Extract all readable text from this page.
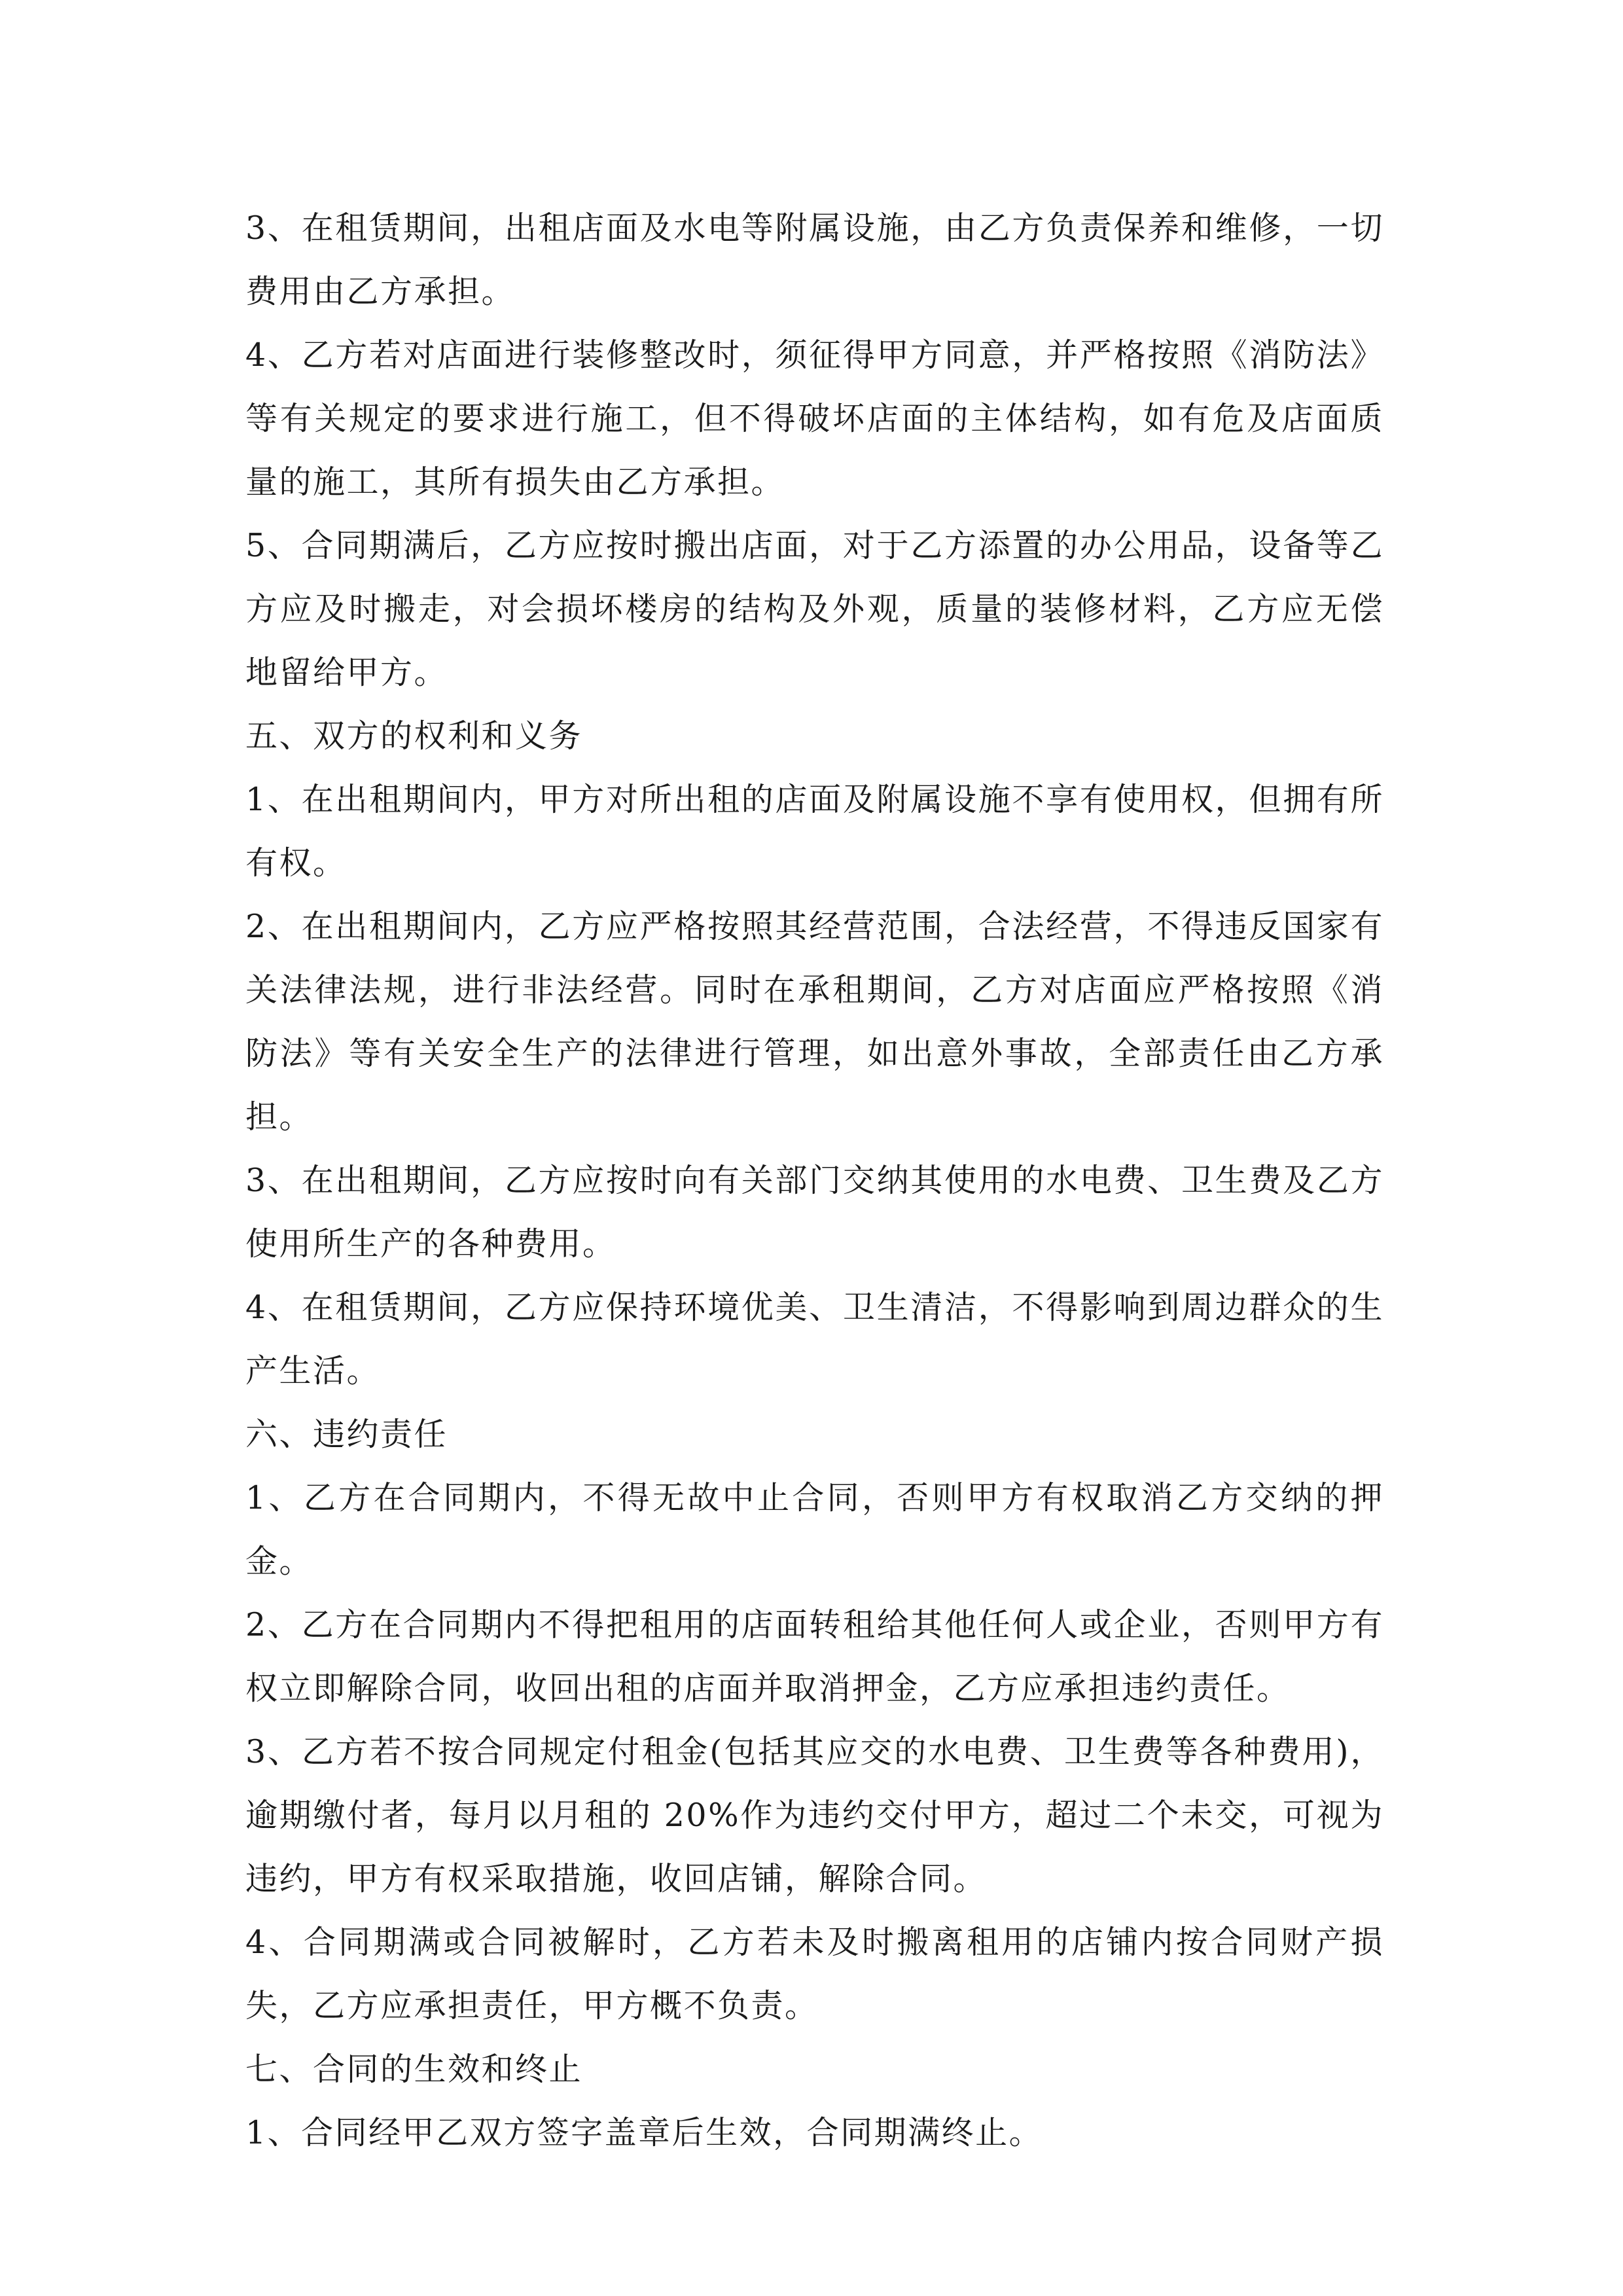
3、在租赁期间，出租店面及水电等附属设施，由乙方负责保养和维修，一切费用由乙方承担。

4、乙方若对店面进行装修整改时，须征得甲方同意，并严格按照《消防法》等有关规定的要求进行施工，但不得破坏店面的主体结构，如有危及店面质量的施工，其所有损失由乙方承担。

5、合同期满后，乙方应按时搬出店面，对于乙方添置的办公用品，设备等乙方应及时搬走，对会损坏楼房的结构及外观，质量的装修材料，乙方应无偿地留给甲方。

五、双方的权利和义务

1、在出租期间内，甲方对所出租的店面及附属设施不享有使用权，但拥有所有权。

2、在出租期间内，乙方应严格按照其经营范围，合法经营，不得违反国家有关法律法规，进行非法经营。同时在承租期间，乙方对店面应严格按照《消防法》等有关安全生产的法律进行管理，如出意外事故，全部责任由乙方承担。

3、在出租期间，乙方应按时向有关部门交纳其使用的水电费、卫生费及乙方使用所生产的各种费用。

4、在租赁期间，乙方应保持环境优美、卫生清洁，不得影响到周边群众的生产生活。

六、违约责任

1、乙方在合同期内，不得无故中止合同，否则甲方有权取消乙方交纳的押金。

2、乙方在合同期内不得把租用的店面转租给其他任何人或企业，否则甲方有权立即解除合同，收回出租的店面并取消押金，乙方应承担违约责任。

3、乙方若不按合同规定付租金(包括其应交的水电费、卫生费等各种费用)，逾期缴付者，每月以月租的 20%作为违约交付甲方，超过二个未交，可视为违约，甲方有权采取措施，收回店铺，解除合同。

4、合同期满或合同被解时，乙方若未及时搬离租用的店铺内按合同财产损失，乙方应承担责任，甲方概不负责。

七、合同的生效和终止

1、合同经甲乙双方签字盖章后生效，合同期满终止。
